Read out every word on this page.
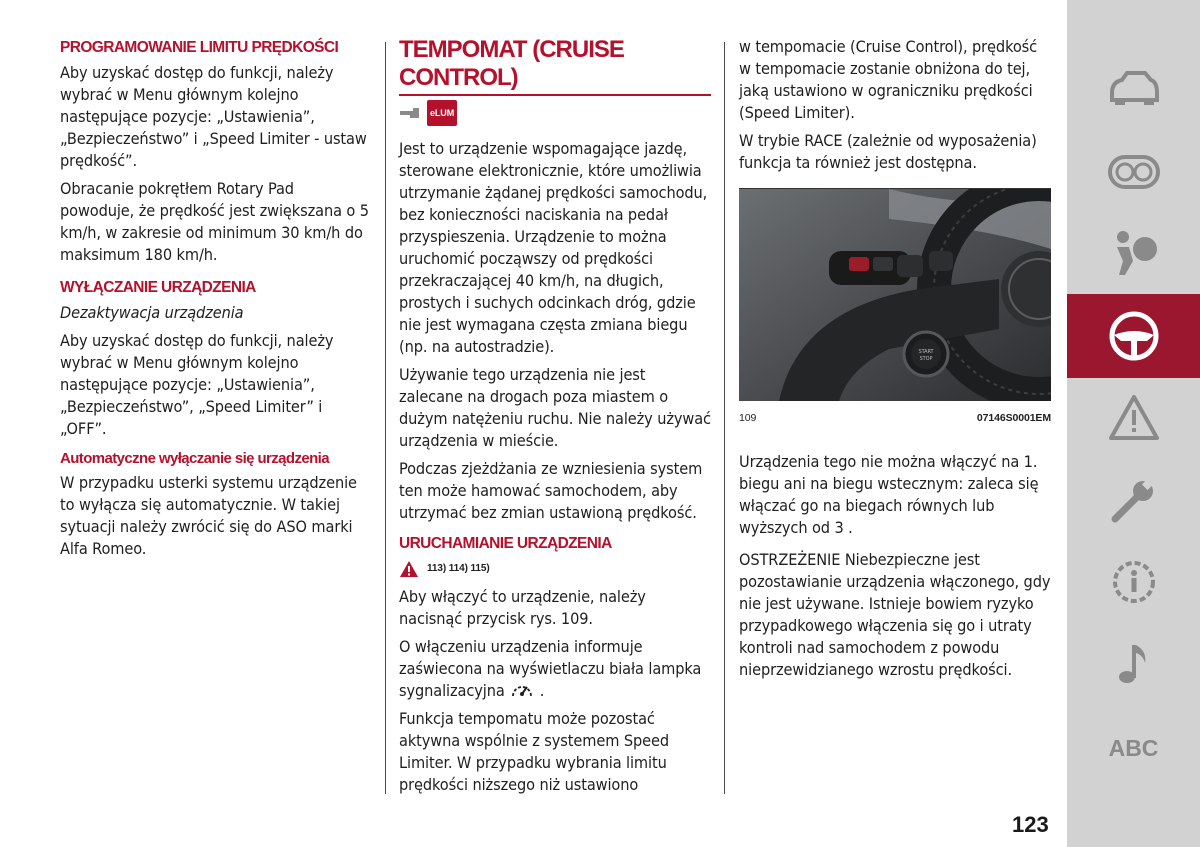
PROGRAMOWANIE LIMITU PRĘDKOŚCI

Aby uzyskać dostęp do funkcji, należy wybrać w Menu głównym kolejno następujące pozycje: „Ustawienia”, „Bezpieczeństwo” i „Speed Limiter - ustaw prędkość”.

Obracanie pokrętłem Rotary Pad powoduje, że prędkość jest zwiększana o 5 km/h, w zakresie od minimum 30 km/h do maksimum 180 km/h.

WYŁĄCZANIE URZĄDZENIA

Dezaktywacja urządzenia

Aby uzyskać dostęp do funkcji, należy wybrać w Menu głównym kolejno następujące pozycje: „Ustawienia”, „Bezpieczeństwo”, „Speed Limiter” i „OFF”.

Automatyczne wyłączanie się urządzenia

W przypadku usterki systemu urządzenie to wyłącza się automatycznie. W takiej sytuacji należy zwrócić się do ASO marki Alfa Romeo.

TEMPOMAT (CRUISE CONTROL)
eLUM

Jest to urządzenie wspomagające jazdę, sterowane elektronicznie, które umożliwia utrzymanie żądanej prędkości samochodu, bez konieczności naciskania na pedał przyspieszenia. Urządzenie to można uruchomić począwszy od prędkości przekraczającej 40 km/h, na długich, prostych i suchych odcinkach dróg, gdzie nie jest wymagana częsta zmiana biegu (np. na autostradzie).

Używanie tego urządzenia nie jest zalecane na drogach poza miastem o dużym natężeniu ruchu. Nie należy używać urządzenia w mieście.

Podczas zjeżdżania ze wzniesienia system ten może hamować samochodem, aby utrzymać bez zmian ustawioną prędkość.

URUCHAMIANIE URZĄDZENIA
113) 114) 115)

Aby włączyć to urządzenie, należy nacisnąć przycisk rys. 109.

O włączeniu urządzenia informuje zaświecona na wyświetlaczu biała lampka sygnalizacyjna .

Funkcja tempomatu może pozostać aktywna wspólnie z systemem Speed Limiter. W przypadku wybrania limitu prędkości niższego niż ustawiono

w tempomacie (Cruise Control), prędkość w tempomacie zostanie obniżona do tej, jaką ustawiono w ograniczniku prędkości (Speed Limiter).

W trybie RACE (zależnie od wyposażenia) funkcja ta również jest dostępna.

START
STOP
109	07146S0001EM

Urządzenia tego nie można włączyć na 1. biegu ani na biegu wstecznym: zaleca się włączać go na biegach równych lub wyższych od 3 .

OSTRZEŻENIE Niebezpieczne jest pozostawianie urządzenia włączonego, gdy nie jest używane. Istnieje bowiem ryzyko przypadkowego włączenia się go i utraty kontroli nad samochodem z powodu nieprzewidzianego wzrostu prędkości.

ABC
123
